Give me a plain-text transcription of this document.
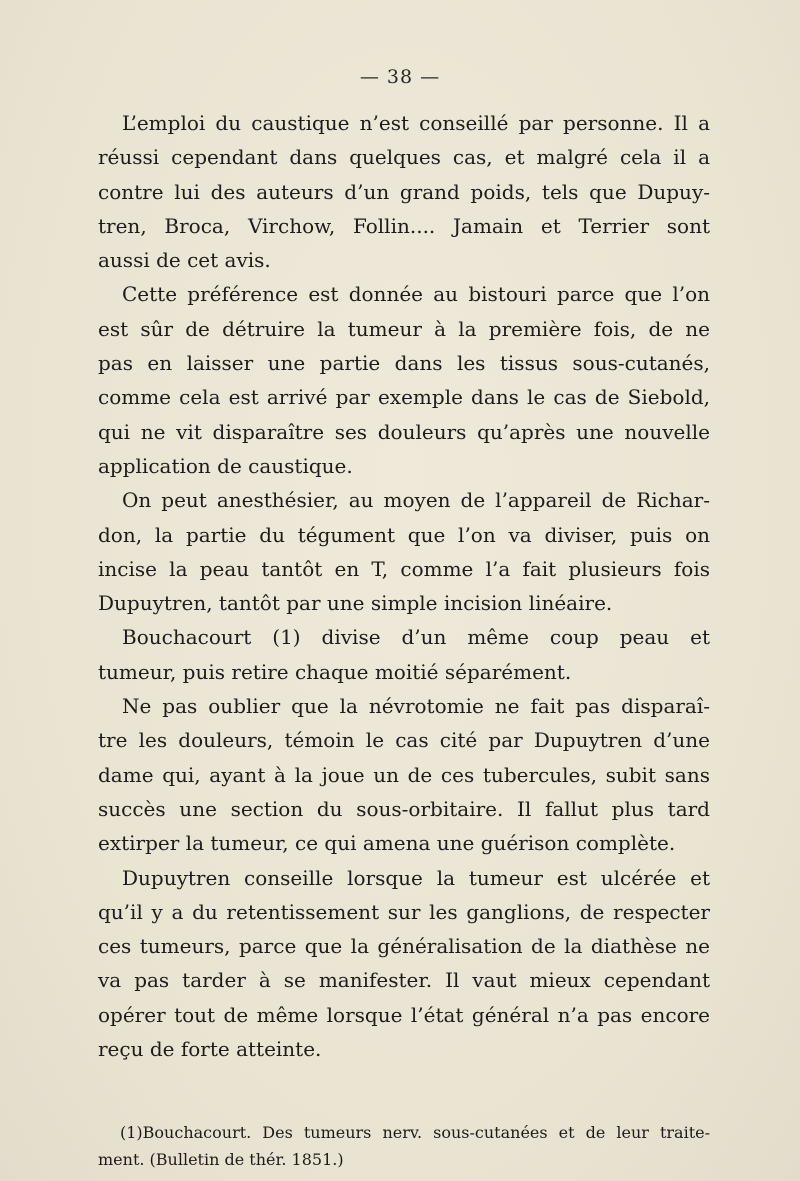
— 38 —
L’emploi du caustique n’est conseillé par personne. Il a
réussi cependant dans quelques cas, et malgré cela il a
contre lui des auteurs d’un grand poids, tels que Dupuy-
tren, Broca, Virchow, Follin.... Jamain et Terrier sont
aussi de cet avis.
Cette préférence est donnée au bistouri parce que l’on
est sûr de détruire la tumeur à la première fois, de ne
pas en laisser une partie dans les tissus sous-cutanés,
comme cela est arrivé par exemple dans le cas de Siebold,
qui ne vit disparaître ses douleurs qu’après une nouvelle
application de caustique.
On peut anesthésier, au moyen de l’appareil de Richar-
don, la partie du tégument que l’on va diviser, puis on
incise la peau tantôt en T, comme l’a fait plusieurs fois
Dupuytren, tantôt par une simple incision linéaire.
Bouchacourt (1) divise d’un même coup peau et
tumeur, puis retire chaque moitié séparément.
Ne pas oublier que la névrotomie ne fait pas disparaî-
tre les douleurs, témoin le cas cité par Dupuytren d’une
dame qui, ayant à la joue un de ces tubercules, subit sans
succès une section du sous-orbitaire. Il fallut plus tard
extirper la tumeur, ce qui amena une guérison complète.
Dupuytren conseille lorsque la tumeur est ulcérée et
qu’il y a du retentissement sur les ganglions, de respecter
ces tumeurs, parce que la généralisation de la diathèse ne
va pas tarder à se manifester. Il vaut mieux cependant
opérer tout de même lorsque l’état général n’a pas encore
reçu de forte atteinte.
(1)Bouchacourt. Des tumeurs nerv. sous-cutanées et de leur traite-
ment. (Bulletin de thér. 1851.)
